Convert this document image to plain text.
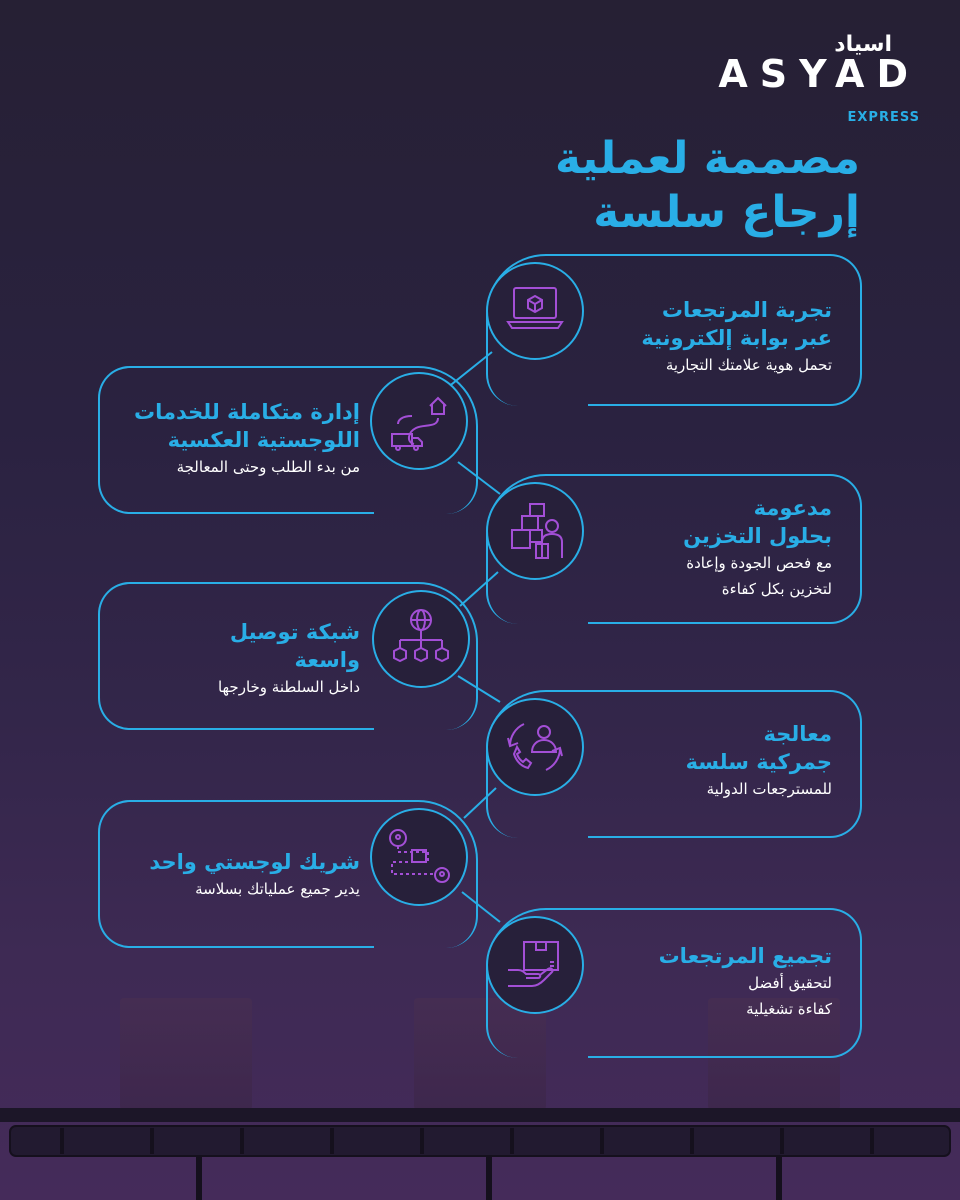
اسياد
ASYAD
EXPRESS
مصممة لعملية
إرجاع سلسة
تجربة المرتجعات
عبر بوابة إلكترونية
تحمل هوية علامتك التجارية
إدارة متكاملة للخدمات
اللوجستية العكسية
من بدء الطلب وحتى المعالجة
مدعومة
بحلول التخزين
مع فحص الجودة وإعادة
لتخزين بكل كفاءة
شبكة توصيل
واسعة
داخل السلطنة وخارجها
معالجة
جمركية سلسة
للمسترجعات الدولية
شريك لوجستي واحد
يدير جميع عملياتك بسلاسة
تجميع المرتجعات
لتحقيق أفضل
كفاءة تشغيلية
